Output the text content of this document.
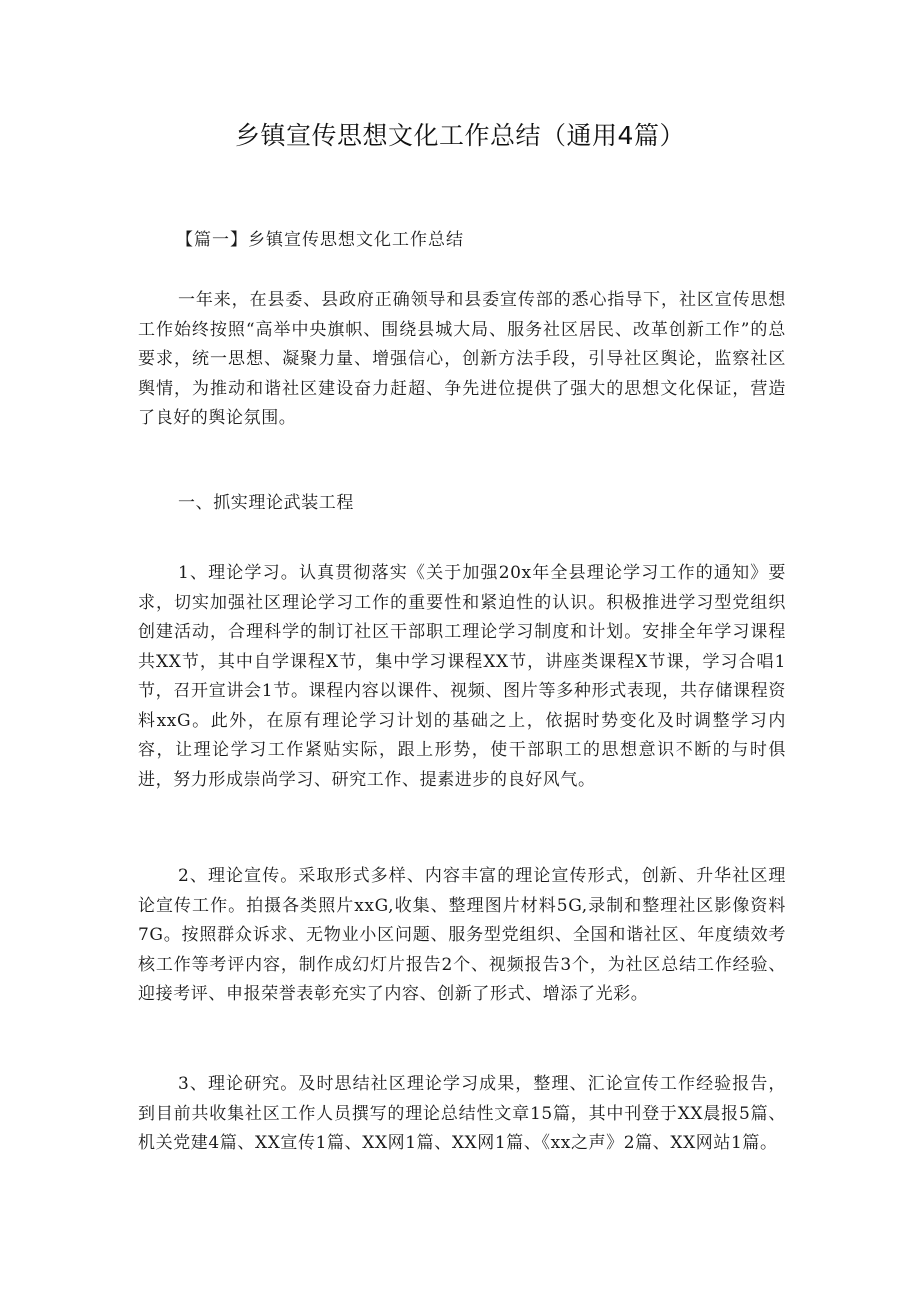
乡镇宣传思想文化工作总结（通用4篇）
【篇一】乡镇宣传思想文化工作总结

一年来，在县委、县政府正确领导和县委宣传部的悉心指导下，社区宣传思想工作始终按照“高举中央旗帜、围绕县城大局、服务社区居民、改革创新工作”的总要求，统一思想、凝聚力量、增强信心，创新方法手段，引导社区舆论，监察社区舆情，为推动和谐社区建设奋力赶超、争先进位提供了强大的思想文化保证，营造了良好的舆论氛围。

一、抓实理论武装工程

1、理论学习。认真贯彻落实《关于加强20x年全县理论学习工作的通知》要求，切实加强社区理论学习工作的重要性和紧迫性的认识。积极推进学习型党组织创建活动，合理科学的制订社区干部职工理论学习制度和计划。安排全年学习课程共XX节，其中自学课程X节，集中学习课程XX节，讲座类课程X节课，学习合唱1节，召开宣讲会1节。课程内容以课件、视频、图片等多种形式表现，共存储课程资料xxG。此外，在原有理论学习计划的基础之上，依据时势变化及时调整学习内容，让理论学习工作紧贴实际，跟上形势，使干部职工的思想意识不断的与时俱进，努力形成崇尚学习、研究工作、提素进步的良好风气。

2、理论宣传。采取形式多样、内容丰富的理论宣传形式，创新、升华社区理论宣传工作。拍摄各类照片xxG,收集、整理图片材料5G,录制和整理社区影像资料7G。按照群众诉求、无物业小区问题、服务型党组织、全国和谐社区、年度绩效考核工作等考评内容，制作成幻灯片报告2个、视频报告3个，为社区总结工作经验、迎接考评、申报荣誉表彰充实了内容、创新了形式、增添了光彩。

3、理论研究。及时思结社区理论学习成果，整理、汇论宣传工作经验报告，到目前共收集社区工作人员撰写的理论总结性文章15篇，其中刊登于XX晨报5篇、机关党建4篇、XX宣传1篇、XX网1篇、XX网1篇、《xx之声》2篇、XX网站1篇。
